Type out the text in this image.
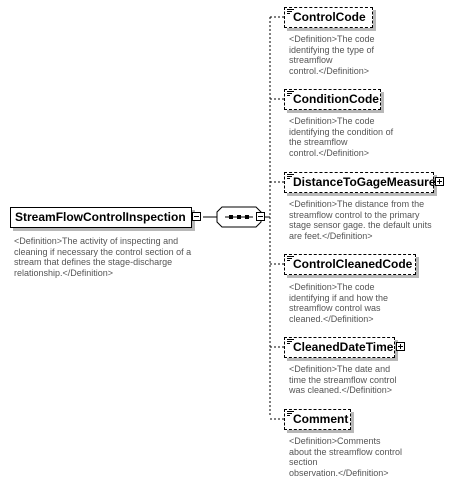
StreamFlowControlInspection
<Definition>The activity of inspecting and
cleaning if necessary the control section of a
stream that defines the stage-discharge
relationship.</Definition>
ControlCode
<Definition>The code
identifying the type of
streamflow
control.</Definition>
ConditionCode
<Definition>The code
identifying the condition of
the streamflow
control.</Definition>
DistanceToGageMeasure
<Definition>The distance from the
streamflow control to the primary
stage sensor gage. the default units
are feet.</Definition>
ControlCleanedCode
<Definition>The code
identifying if and how the
streamflow control was
cleaned.</Definition>
CleanedDateTime
<Definition>The date and
time the streamflow control
was cleaned.</Definition>
Comment
<Definition>Comments
about the streamflow control
section
observation.</Definition>
